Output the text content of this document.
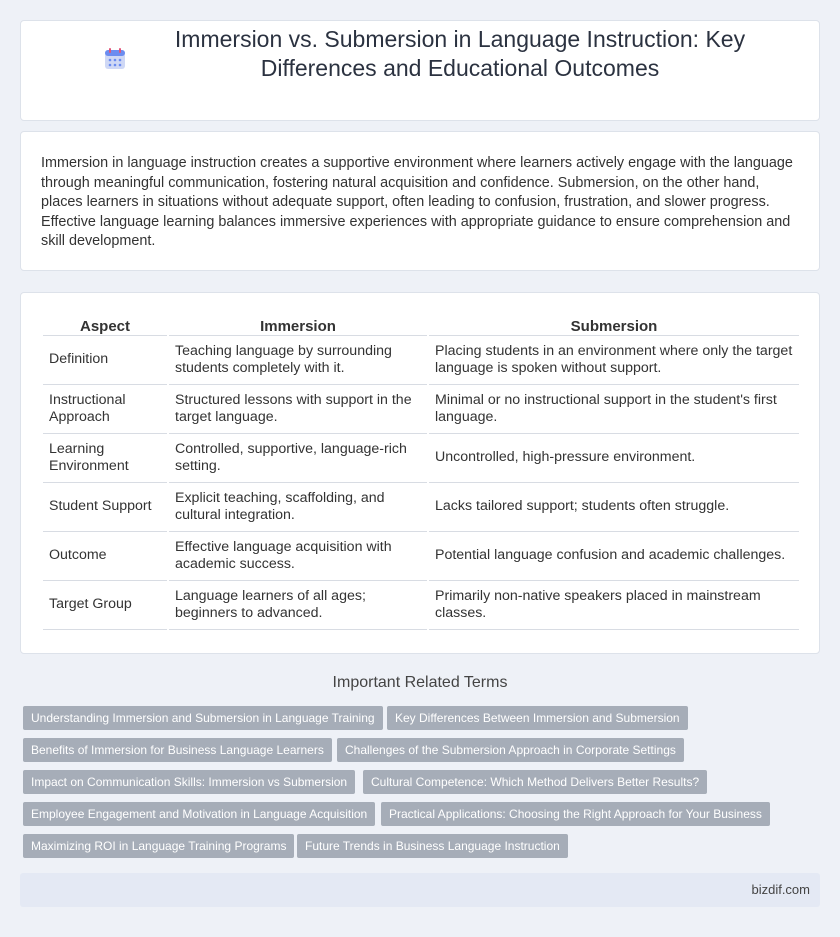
Immersion vs. Submersion in Language Instruction: Key Differences and Educational Outcomes

Immersion in language instruction creates a supportive environment where learners actively engage with the language through meaningful communication, fostering natural acquisition and confidence. Submersion, on the other hand, places learners in situations without adequate support, often leading to confusion, frustration, and slower progress. Effective language learning balances immersive experiences with appropriate guidance to ensure comprehension and skill development.

Aspect		Immersion		Submersion
Definition		Teaching language by surrounding students completely with it.		Placing students in an environment where only the target language is spoken without support.
Instructional Approach		Structured lessons with support in the target language.		Minimal or no instructional support in the student's first language.
Learning Environment		Controlled, supportive, language-rich setting.		Uncontrolled, high-pressure environment.
Student Support		Explicit teaching, scaffolding, and cultural integration.		Lacks tailored support; students often struggle.
Outcome		Effective language acquisition with academic success.		Potential language confusion and academic challenges.
Target Group		Language learners of all ages; beginners to advanced.		Primarily non-native speakers placed in mainstream classes.
Important Related Terms
Understanding Immersion and Submersion in Language Training	Key Differences Between Immersion and Submersion
Benefits of Immersion for Business Language Learners	Challenges of the Submersion Approach in Corporate Settings
Impact on Communication Skills: Immersion vs Submersion	Cultural Competence: Which Method Delivers Better Results?
Employee Engagement and Motivation in Language Acquisition	Practical Applications: Choosing the Right Approach for Your Business
Maximizing ROI in Language Training Programs	Future Trends in Business Language Instruction
bizdif.com
